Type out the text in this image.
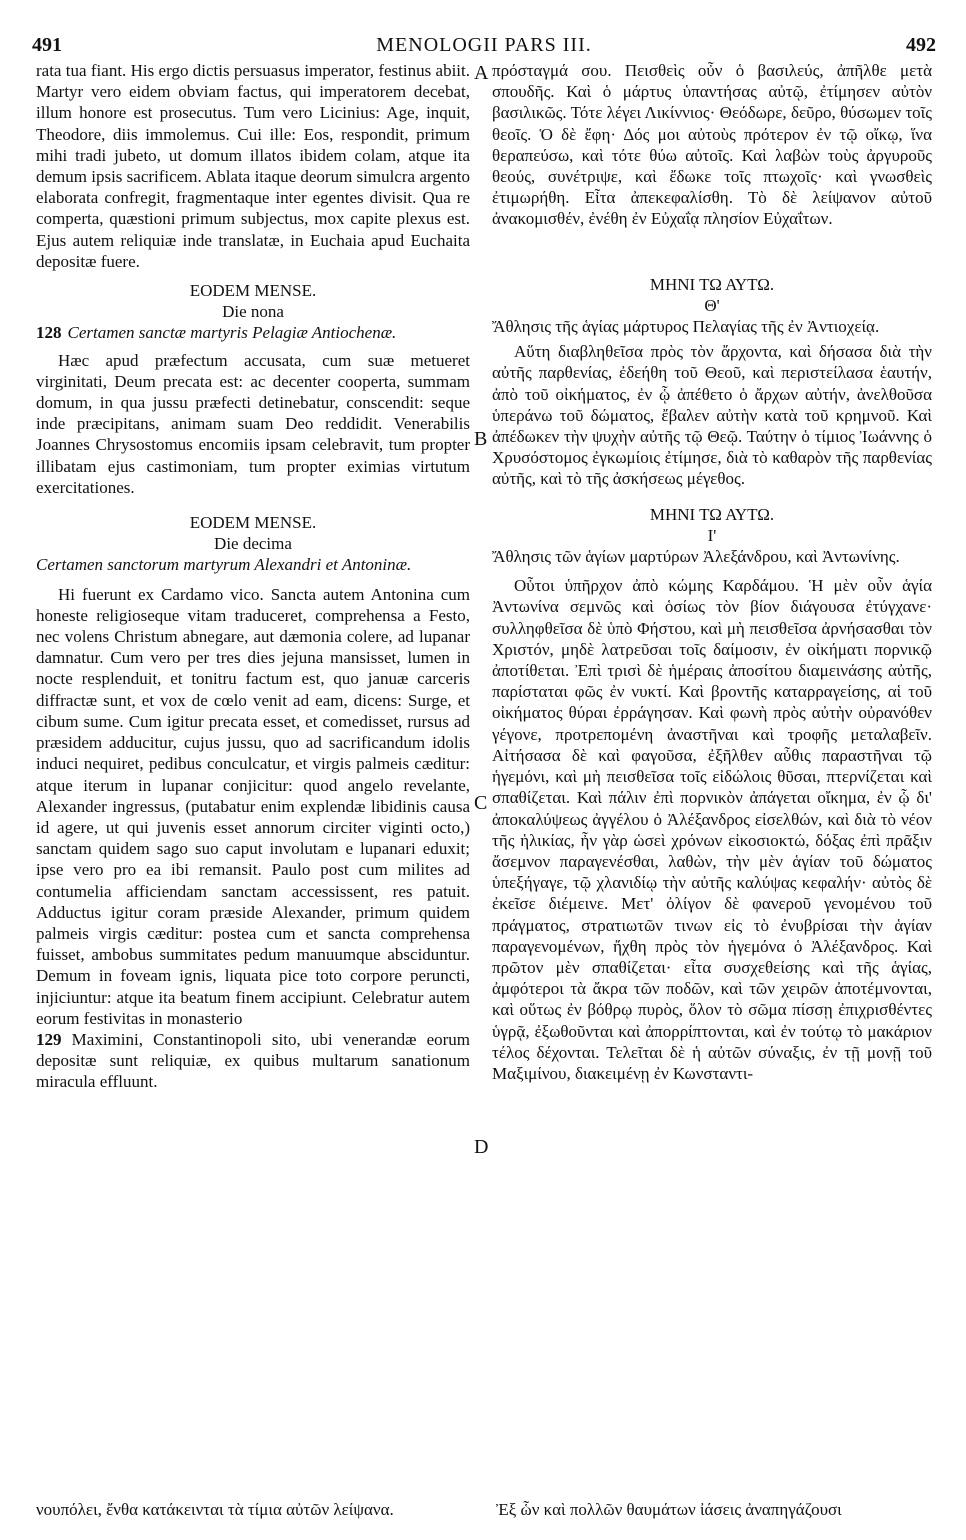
491	MENOLOGII PARS III.	492
A
B
C
D

rata tua fiant. His ergo dictis persuasus imperator, festinus abiit. Martyr vero eidem obviam factus, qui imperatorem decebat, illum honore est prosecutus. Tum vero Licinius: Age, inquit, Theodore, diis immolemus. Cui ille: Eos, respondit, primum mihi tradi jubeto, ut domum illatos ibidem colam, atque ita demum ipsis sacrificem. Ablata itaque deorum simulcra argento elaborata confregit, fragmentaque inter egentes divisit. Qua re comperta, quæstioni primum subjectus, mox capite plexus est. Ejus autem reliquiæ inde translatæ, in Euchaia apud Euchaita depositæ fuere.

EODEM MENSE.

Die nona

128 Certamen sanctæ martyris Pelagiæ Antiochenæ.

Hæc apud præfectum accusata, cum suæ metueret virginitati, Deum precata est: ac decenter cooperta, summam domum, in qua jussu præfecti detinebatur, conscendit: seque inde præcipitans, animam suam Deo reddidit. Venerabilis Joannes Chrysostomus encomiis ipsam celebravit, tum propter illibatam ejus castimoniam, tum propter eximias virtutum exercitationes.

EODEM MENSE.

Die decima

Certamen sanctorum martyrum Alexandri et Antoninæ.

Hi fuerunt ex Cardamo vico. Sancta autem Antonina cum honeste religioseque vitam traduceret, comprehensa a Festo, nec volens Christum abnegare, aut dæmonia colere, ad lupanar damnatur. Cum vero per tres dies jejuna mansisset, lumen in nocte resplenduit, et tonitru factum est, quo januæ carceris diffractæ sunt, et vox de cœlo venit ad eam, dicens: Surge, et cibum sume. Cum igitur precata esset, et comedisset, rursus ad præsidem adducitur, cujus jussu, quo ad sacrificandum idolis induci nequiret, pedibus conculcatur, et virgis palmeis cæditur: atque iterum in lupanar conjicitur: quod angelo revelante, Alexander ingressus, (putabatur enim explendæ libidinis causa id agere, ut qui juvenis esset annorum circiter viginti octo,) sanctam quidem sago suo caput involutam e lupanari eduxit; ipse vero pro ea ibi remansit. Paulo post cum milites ad contumelia afficiendam sanctam accessissent, res patuit. Adductus igitur coram præside Alexander, primum quidem palmeis virgis cæditur: postea cum et sancta comprehensa fuisset, ambobus summitates pedum manuumque absciduntur. Demum in foveam ignis, liquata pice toto corpore peruncti, injiciuntur: atque ita beatum finem accipiunt. Celebratur autem eorum festivitas in monasterio

129 Maximini, Constantinopoli sito, ubi venerandæ eorum depositæ sunt reliquiæ, ex quibus multarum sanationum miracula effluunt.

πρόσταγμά σου. Πεισθεὶς οὖν ὁ βασιλεύς, ἀπῆλθε μετὰ σπουδῆς. Καὶ ὁ μάρτυς ὑπαντήσας αὐτῷ, ἐτίμησεν αὐτὸν βασιλικῶς. Τότε λέγει Λικίννιος· Θεόδωρε, δεῦρο, θύσωμεν τοῖς θεοῖς. Ὁ δὲ ἔφη· Δός μοι αὐτοὺς πρότερον ἐν τῷ οἴκῳ, ἵνα θεραπεύσω, καὶ τότε θύω αὐτοῖς. Καὶ λαβὼν τοὺς ἀργυροῦς θεούς, συνέτριψε, καὶ ἔδωκε τοῖς πτωχοῖς· καὶ γνωσθεὶς ἐτιμωρήθη. Εἶτα ἀπεκεφαλίσθη. Τὸ δὲ λείψανον αὐτοῦ ἀνακομισθέν, ἐνέθη ἐν Εὐχαΐᾳ πλησίον Εὐχαΐτων.

ΜΗΝΙ ΤΩ ΑΥΤΩ.

Θ'

Ἄθλησις τῆς ἁγίας μάρτυρος Πελαγίας τῆς ἐν Ἀντιοχείᾳ.

Αὕτη διαβληθεῖσα πρὸς τὸν ἄρχοντα, καὶ δήσασα διὰ τὴν αὐτῆς παρθενίας, ἐδεήθη τοῦ Θεοῦ, καὶ περιστείλασα ἑαυτήν, ἀπὸ τοῦ οἰκήματος, ἐν ᾧ ἀπέθετο ὁ ἄρχων αὐτήν, ἀνελθοῦσα ὑπεράνω τοῦ δώματος, ἔβαλεν αὐτὴν κατὰ τοῦ κρημνοῦ. Καὶ ἀπέδωκεν τὴν ψυχὴν αὐτῆς τῷ Θεῷ. Ταύτην ὁ τίμιος Ἰωάννης ὁ Χρυσόστομος ἐγκωμίοις ἐτίμησε, διὰ τὸ καθαρὸν τῆς παρθενίας αὐτῆς, καὶ τὸ τῆς ἀσκήσεως μέγεθος.

ΜΗΝΙ ΤΩ ΑΥΤΩ.

Ι'

Ἄθλησις τῶν ἁγίων μαρτύρων Ἀλεξάνδρου, καὶ Ἀντωνίνης.

Οὗτοι ὑπῆρχον ἀπὸ κώμης Καρδάμου. Ἡ μὲν οὖν ἁγία Ἀντωνίνα σεμνῶς καὶ ὁσίως τὸν βίον διάγουσα ἐτύγχανε· συλληφθεῖσα δὲ ὑπὸ Φήστου, καὶ μὴ πεισθεῖσα ἀρνήσασθαι τὸν Χριστόν, μηδὲ λατρεῦσαι τοῖς δαίμοσιν, ἐν οἰκήματι πορνικῷ ἀποτίθεται. Ἐπὶ τρισὶ δὲ ἡμέραις ἀποσίτου διαμεινάσης αὐτῆς, παρίσταται φῶς ἐν νυκτί. Καὶ βροντῆς καταρραγείσης, αἱ τοῦ οἰκήματος θύραι ἐρράγησαν. Καὶ φωνὴ πρὸς αὐτὴν οὐρανόθεν γέγονε, προτρεπομένη ἀναστῆναι καὶ τροφῆς μεταλαβεῖν. Αἰτήσασα δὲ καὶ φαγοῦσα, ἐξῆλθεν αὖθις παραστῆναι τῷ ἡγεμόνι, καὶ μὴ πεισθεῖσα τοῖς εἰδώλοις θῦσαι, πτερνίζεται καὶ σπαθίζεται. Καὶ πάλιν ἐπὶ πορνικὸν ἀπάγεται οἴκημα, ἐν ᾧ δι' ἀποκαλύψεως ἀγγέλου ὁ Ἀλέξανδρος εἰσελθών, καὶ διὰ τὸ νέον τῆς ἡλικίας, ἦν γὰρ ὡσεὶ χρόνων εἰκοσιοκτώ, δόξας ἐπὶ πρᾶξιν ἄσεμνον παραγενέσθαι, λαθὼν, τὴν μὲν ἁγίαν τοῦ δώματος ὑπεξήγαγε, τῷ χλανιδίῳ τὴν αὐτῆς καλύψας κεφαλήν· αὐτὸς δὲ ἐκεῖσε διέμεινε. Μετ' ὀλίγον δὲ φανεροῦ γενομένου τοῦ πράγματος, στρατιωτῶν τινων εἰς τὸ ἐνυβρίσαι τὴν ἁγίαν παραγενομένων, ἤχθη πρὸς τὸν ἡγεμόνα ὁ Ἀλέξανδρος. Καὶ πρῶτον μὲν σπαθίζεται· εἶτα συσχεθείσης καὶ τῆς ἁγίας, ἀμφότεροι τὰ ἄκρα τῶν ποδῶν, καὶ τῶν χειρῶν ἀποτέμνονται, καὶ οὕτως ἐν βόθρῳ πυρὸς, ὅλον τὸ σῶμα πίσσῃ ἐπιχρισθέντες ὑγρᾷ, ἐξωθοῦνται καὶ ἀπορρίπτονται, καὶ ἐν τούτῳ τὸ μακάριον τέλος δέχονται. Τελεῖται δὲ ἡ αὐτῶν σύναξις, ἐν τῇ μονῇ τοῦ Μαξιμίνου, διακειμένῃ ἐν Κωνσταντι-

νουπόλει, ἔνθα κατάκεινται τὰ τίμια αὐτῶν λείψανα.	Ἐξ ὧν καὶ πολλῶν θαυμάτων ἰάσεις ἀναπηγάζουσι
